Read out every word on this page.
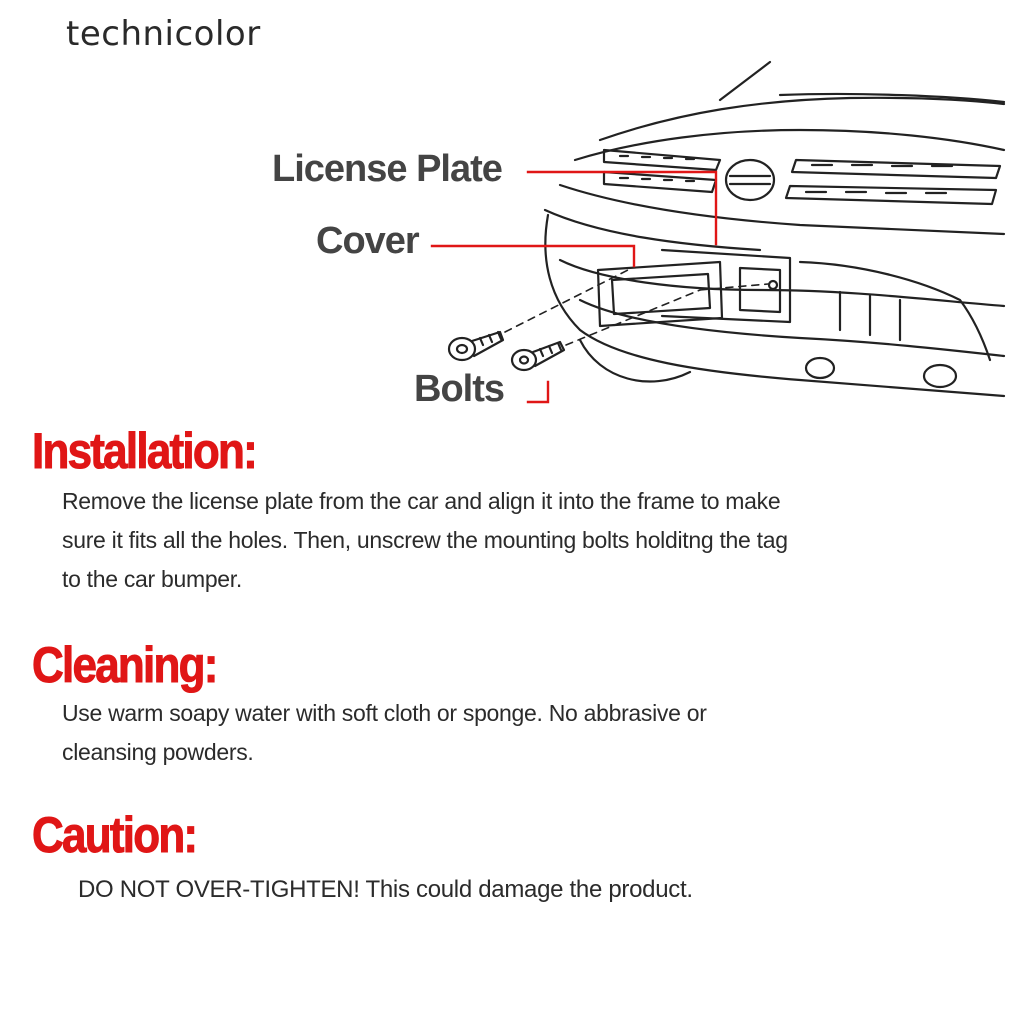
technicolor
License Plate
Cover
Bolts
Installation:
Remove the license plate from the car and align it into the frame to make
sure it fits all the holes. Then, unscrew the mounting bolts holditng the tag
to the car bumper.
Cleaning:
Use warm soapy water with soft cloth or sponge. No abbrasive or
cleansing powders.
Caution:
DO NOT OVER-TIGHTEN! This could damage the product.
